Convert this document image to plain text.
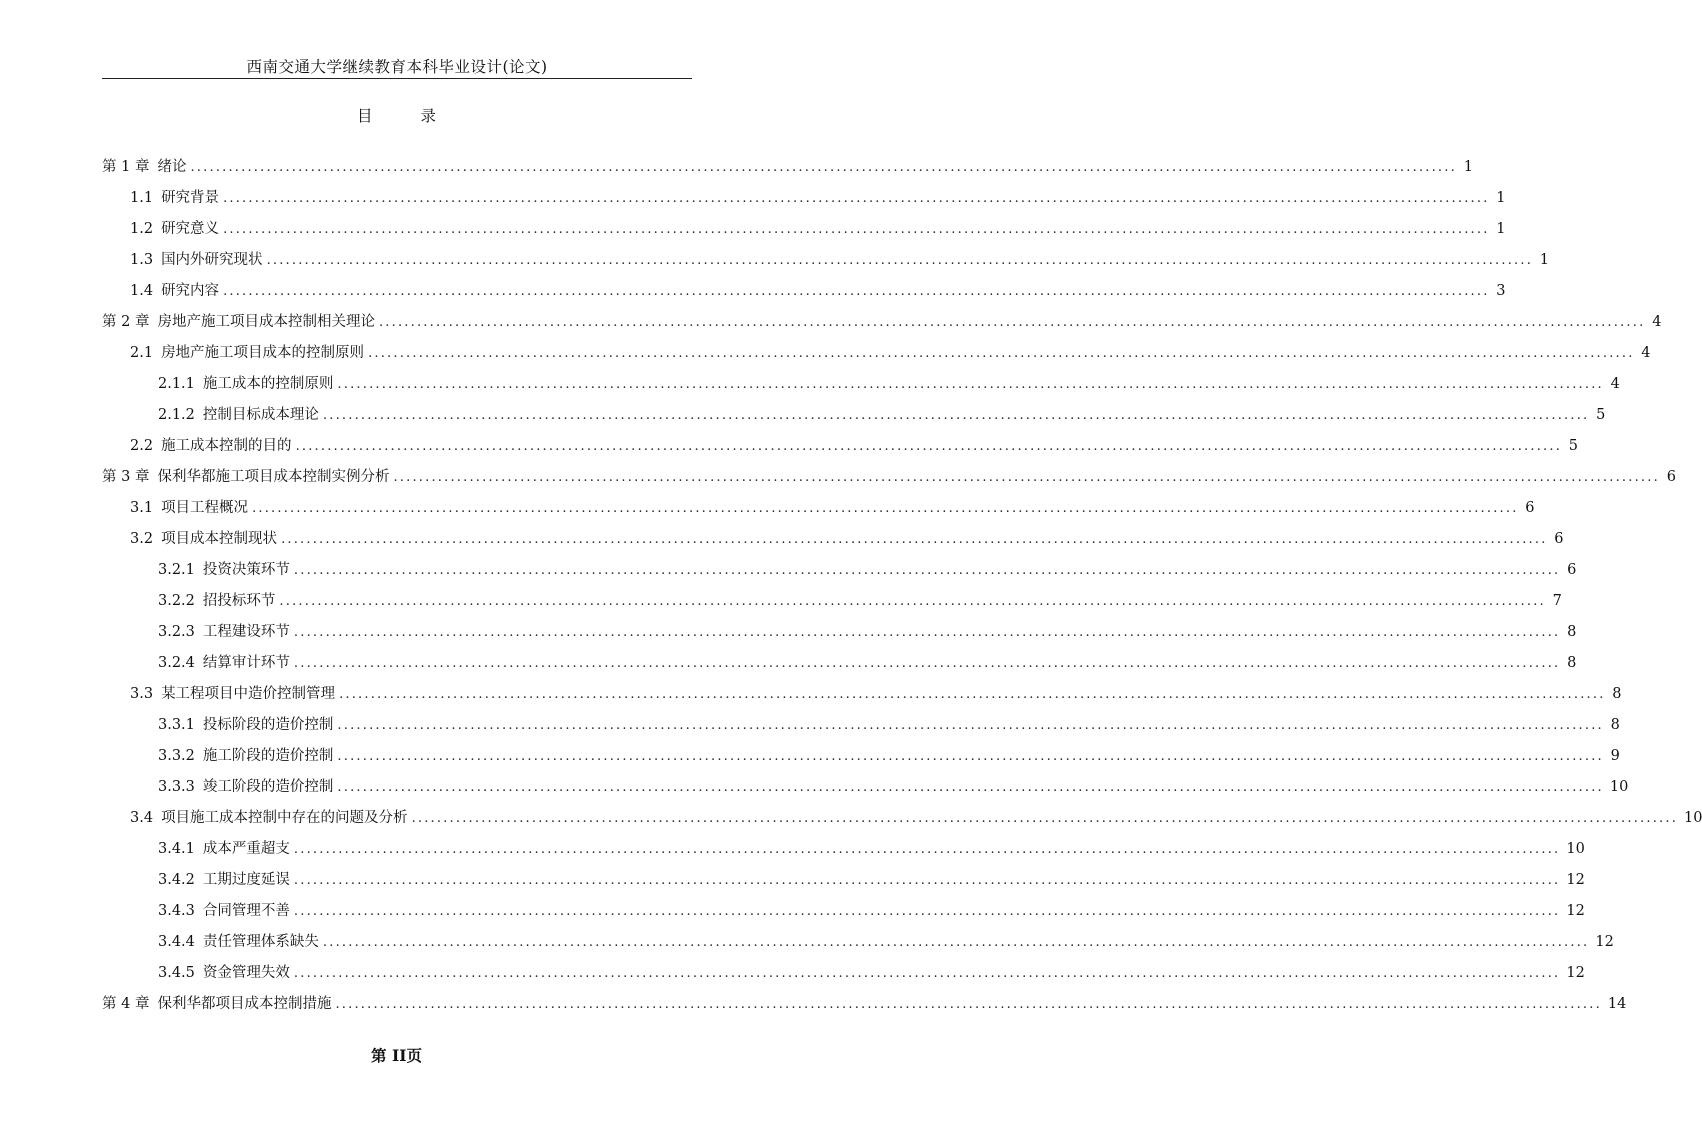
西南交通大学继续教育本科毕业设计(论文)
目	录
第 1 章 绪论 ........................................................................................................................................................................................................ 1
1.1 研究背景 ........................................................................................................................................................................................................ 1
1.2 研究意义 ........................................................................................................................................................................................................ 1
1.3 国内外研究现状 ........................................................................................................................................................................................................ 1
1.4 研究内容 ........................................................................................................................................................................................................ 3
第 2 章 房地产施工项目成本控制相关理论 ........................................................................................................................................................................................................ 4
2.1 房地产施工项目成本的控制原则 ........................................................................................................................................................................................................ 4
2.1.1 施工成本的控制原则 ........................................................................................................................................................................................................ 4
2.1.2 控制目标成本理论 ........................................................................................................................................................................................................ 5
2.2 施工成本控制的目的 ........................................................................................................................................................................................................ 5
第 3 章 保利华都施工项目成本控制实例分析 ........................................................................................................................................................................................................ 6
3.1 项目工程概况 ........................................................................................................................................................................................................ 6
3.2 项目成本控制现状 ........................................................................................................................................................................................................ 6
3.2.1 投资决策环节 ........................................................................................................................................................................................................ 6
3.2.2 招投标环节 ........................................................................................................................................................................................................ 7
3.2.3 工程建设环节 ........................................................................................................................................................................................................ 8
3.2.4 结算审计环节 ........................................................................................................................................................................................................ 8
3.3 某工程项目中造价控制管理 ........................................................................................................................................................................................................ 8
3.3.1 投标阶段的造价控制 ........................................................................................................................................................................................................ 8
3.3.2 施工阶段的造价控制 ........................................................................................................................................................................................................ 9
3.3.3 竣工阶段的造价控制 ........................................................................................................................................................................................................ 10
3.4 项目施工成本控制中存在的问题及分析 ........................................................................................................................................................................................................ 10
3.4.1 成本严重超支 ........................................................................................................................................................................................................ 10
3.4.2 工期过度延误 ........................................................................................................................................................................................................ 12
3.4.3 合同管理不善 ........................................................................................................................................................................................................ 12
3.4.4 责任管理体系缺失 ........................................................................................................................................................................................................ 12
3.4.5 资金管理失效 ........................................................................................................................................................................................................ 12
第 4 章 保利华都项目成本控制措施 ........................................................................................................................................................................................................ 14
第 II页
